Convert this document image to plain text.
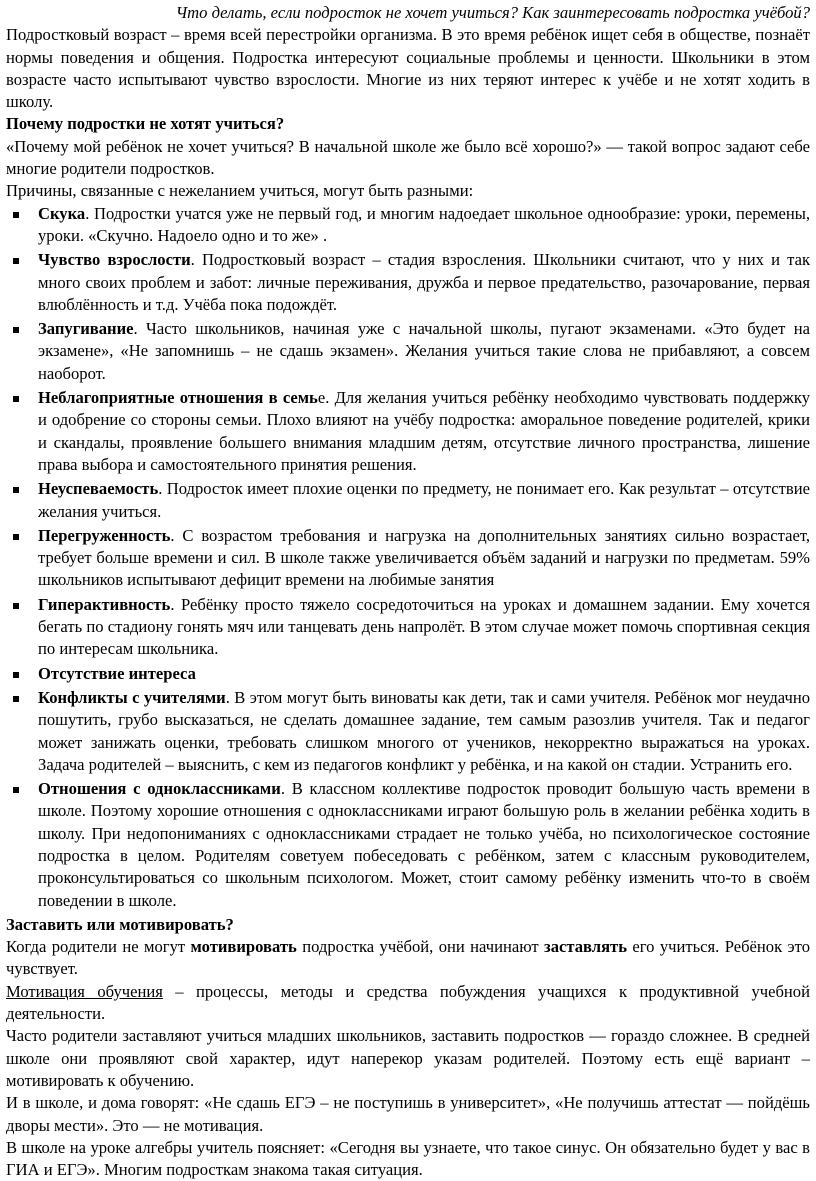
Что делать, если подросток не хочет учиться? Как заинтересовать подростка учёбой?

Подростковый возраст – время всей перестройки организма. В это время ребёнок ищет себя в обществе, познаёт нормы поведения и общения. Подростка интересуют социальные проблемы и ценности. Школьники в этом возрасте часто испытывают чувство взрослости. Многие из них теряют интерес к учёбе и не хотят ходить в школу.

Почему подростки не хотят учиться?

«Почему мой ребёнок не хочет учиться? В начальной школе же было всё хорошо?» — такой вопрос задают себе многие родители подростков.

Причины, связанные с нежеланием учиться, могут быть разными:

Скука. Подростки учатся уже не первый год, и многим надоедает школьное однообразие: уроки, перемены, уроки. «Скучно. Надоело одно и то же» .
Чувство взрослости. Подростковый возраст – стадия взросления. Школьники считают, что у них и так много своих проблем и забот: личные переживания, дружба и первое предательство, разочарование, первая влюблённость и т.д. Учёба пока подождёт.
Запугивание. Часто школьников, начиная уже с начальной школы, пугают экзаменами. «Это будет на экзамене», «Не запомнишь – не сдашь экзамен». Желания учиться такие слова не прибавляют, а совсем наоборот.
Неблагоприятные отношения в семье. Для желания учиться ребёнку необходимо чувствовать поддержку и одобрение со стороны семьи. Плохо влияют на учёбу подростка: аморальное поведение родителей, крики и скандалы, проявление большего внимания младшим детям, отсутствие личного пространства, лишение права выбора и самостоятельного принятия решения.
Неуспеваемость. Подросток имеет плохие оценки по предмету, не понимает его. Как результат – отсутствие желания учиться.
Перегруженность. С возрастом требования и нагрузка на дополнительных занятиях сильно возрастает, требует больше времени и сил. В школе также увеличивается объём заданий и нагрузки по предметам. 59% школьников испытывают дефицит времени на любимые занятия
Гиперактивность. Ребёнку просто тяжело сосредоточиться на уроках и домашнем задании. Ему хочется бегать по стадиону гонять мяч или танцевать день напролёт. В этом случае может помочь спортивная секция по интересам школьника.
Отсутствие интереса
Конфликты с учителями. В этом могут быть виноваты как дети, так и сами учителя. Ребёнок мог неудачно пошутить, грубо высказаться, не сделать домашнее задание, тем самым разозлив учителя. Так и педагог может занижать оценки, требовать слишком многого от учеников, некорректно выражаться на уроках. Задача родителей – выяснить, с кем из педагогов конфликт у ребёнка, и на какой он стадии. Устранить его.
Отношения с одноклассниками. В классном коллективе подросток проводит большую часть времени в школе. Поэтому хорошие отношения с одноклассниками играют большую роль в желании ребёнка ходить в школу. При недопониманиях с одноклассниками страдает не только учёба, но психологическое состояние подростка в целом. Родителям советуем побеседовать с ребёнком, затем с классным руководителем, проконсультироваться со школьным психологом. Может, стоит самому ребёнку изменить что-то в своём поведении в школе.

Заставить или мотивировать?

Когда родители не могут мотивировать подростка учёбой, они начинают заставлять его учиться. Ребёнок это чувствует.

Мотивация обучения – процессы, методы и средства побуждения учащихся к продуктивной учебной деятельности.

Часто родители заставляют учиться младших школьников, заставить подростков — гораздо сложнее. В средней школе они проявляют свой характер, идут наперекор указам родителей. Поэтому есть ещё вариант – мотивировать к обучению.

И в школе, и дома говорят: «Не сдашь ЕГЭ – не поступишь в университет», «Не получишь аттестат — пойдёшь дворы мести». Это — не мотивация.

В школе на уроке алгебры учитель поясняет: «Сегодня вы узнаете, что такое синус. Он обязательно будет у вас в ГИА и ЕГЭ». Многим подросткам знакома такая ситуация.
